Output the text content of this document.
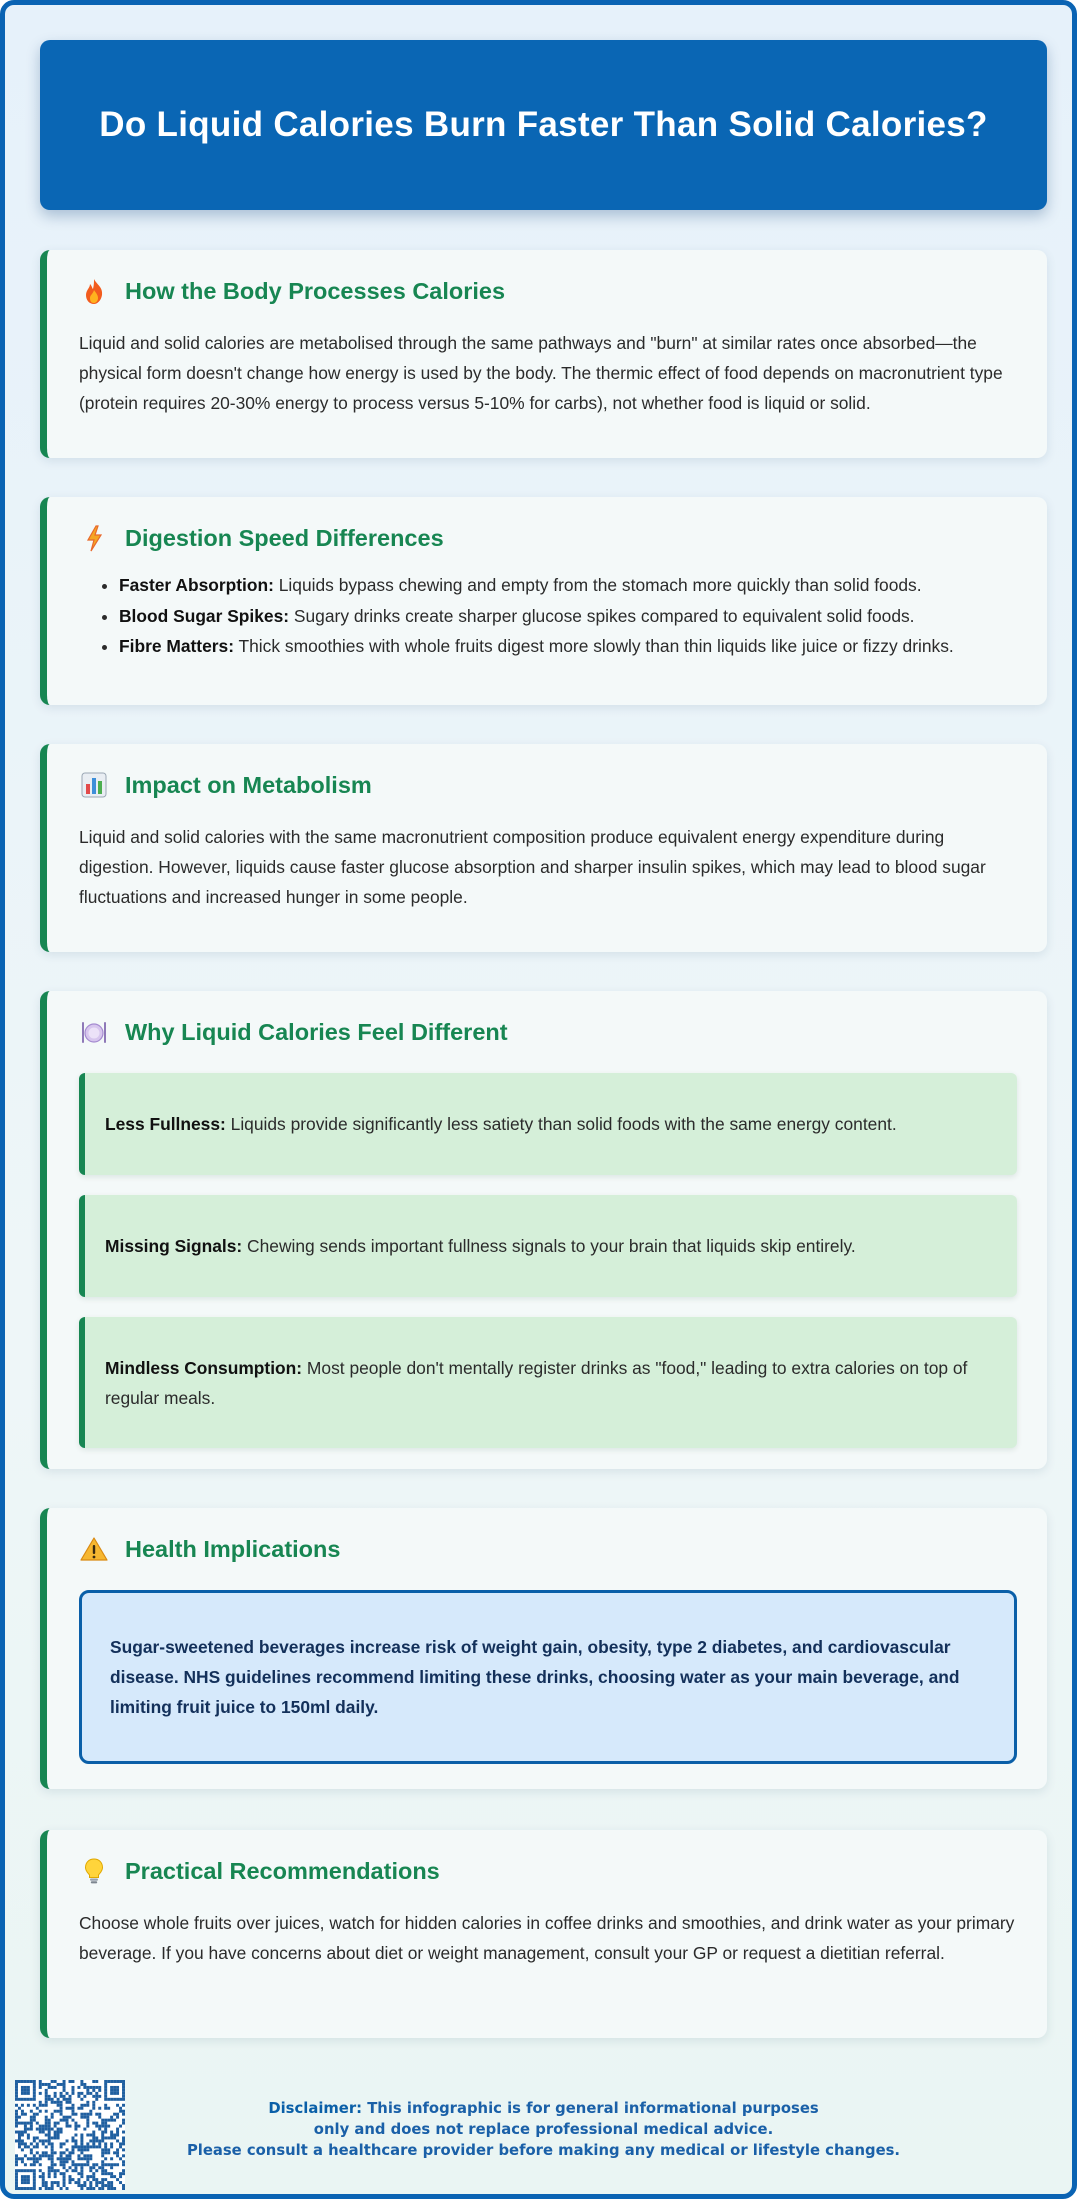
Do Liquid Calories Burn Faster Than Solid Calories?
How the Body Processes Calories

Liquid and solid calories are metabolised through the same pathways and "burn" at similar rates once absorbed—the physical form doesn't change how energy is used by the body. The thermic effect of food depends on macronutrient type (protein requires 20-30% energy to process versus 5-10% for carbs), not whether food is liquid or solid.

Digestion Speed Differences
• Faster Absorption: Liquids bypass chewing and empty from the stomach more quickly than solid foods.
• Blood Sugar Spikes: Sugary drinks create sharper glucose spikes compared to equivalent solid foods.
• Fibre Matters: Thick smoothies with whole fruits digest more slowly than thin liquids like juice or fizzy drinks.
Impact on Metabolism

Liquid and solid calories with the same macronutrient composition produce equivalent energy expenditure during digestion. However, liquids cause faster glucose absorption and sharper insulin spikes, which may lead to blood sugar fluctuations and increased hunger in some people.

Why Liquid Calories Feel Different
Less Fullness: Liquids provide significantly less satiety than solid foods with the same energy content.
Missing Signals: Chewing sends important fullness signals to your brain that liquids skip entirely.
Mindless Consumption: Most people don't mentally register drinks as "food," leading to extra calories on top of regular meals.
Health Implications
Sugar-sweetened beverages increase risk of weight gain, obesity, type 2 diabetes, and cardiovascular disease. NHS guidelines recommend limiting these drinks, choosing water as your main beverage, and limiting fruit juice to 150ml daily.
Practical Recommendations

Choose whole fruits over juices, watch for hidden calories in coffee drinks and smoothies, and drink water as your primary beverage. If you have concerns about diet or weight management, consult your GP or request a dietitian referral.

Disclaimer: This infographic is for general informational purposes
only and does not replace professional medical advice.
Please consult a healthcare provider before making any medical or lifestyle changes.
